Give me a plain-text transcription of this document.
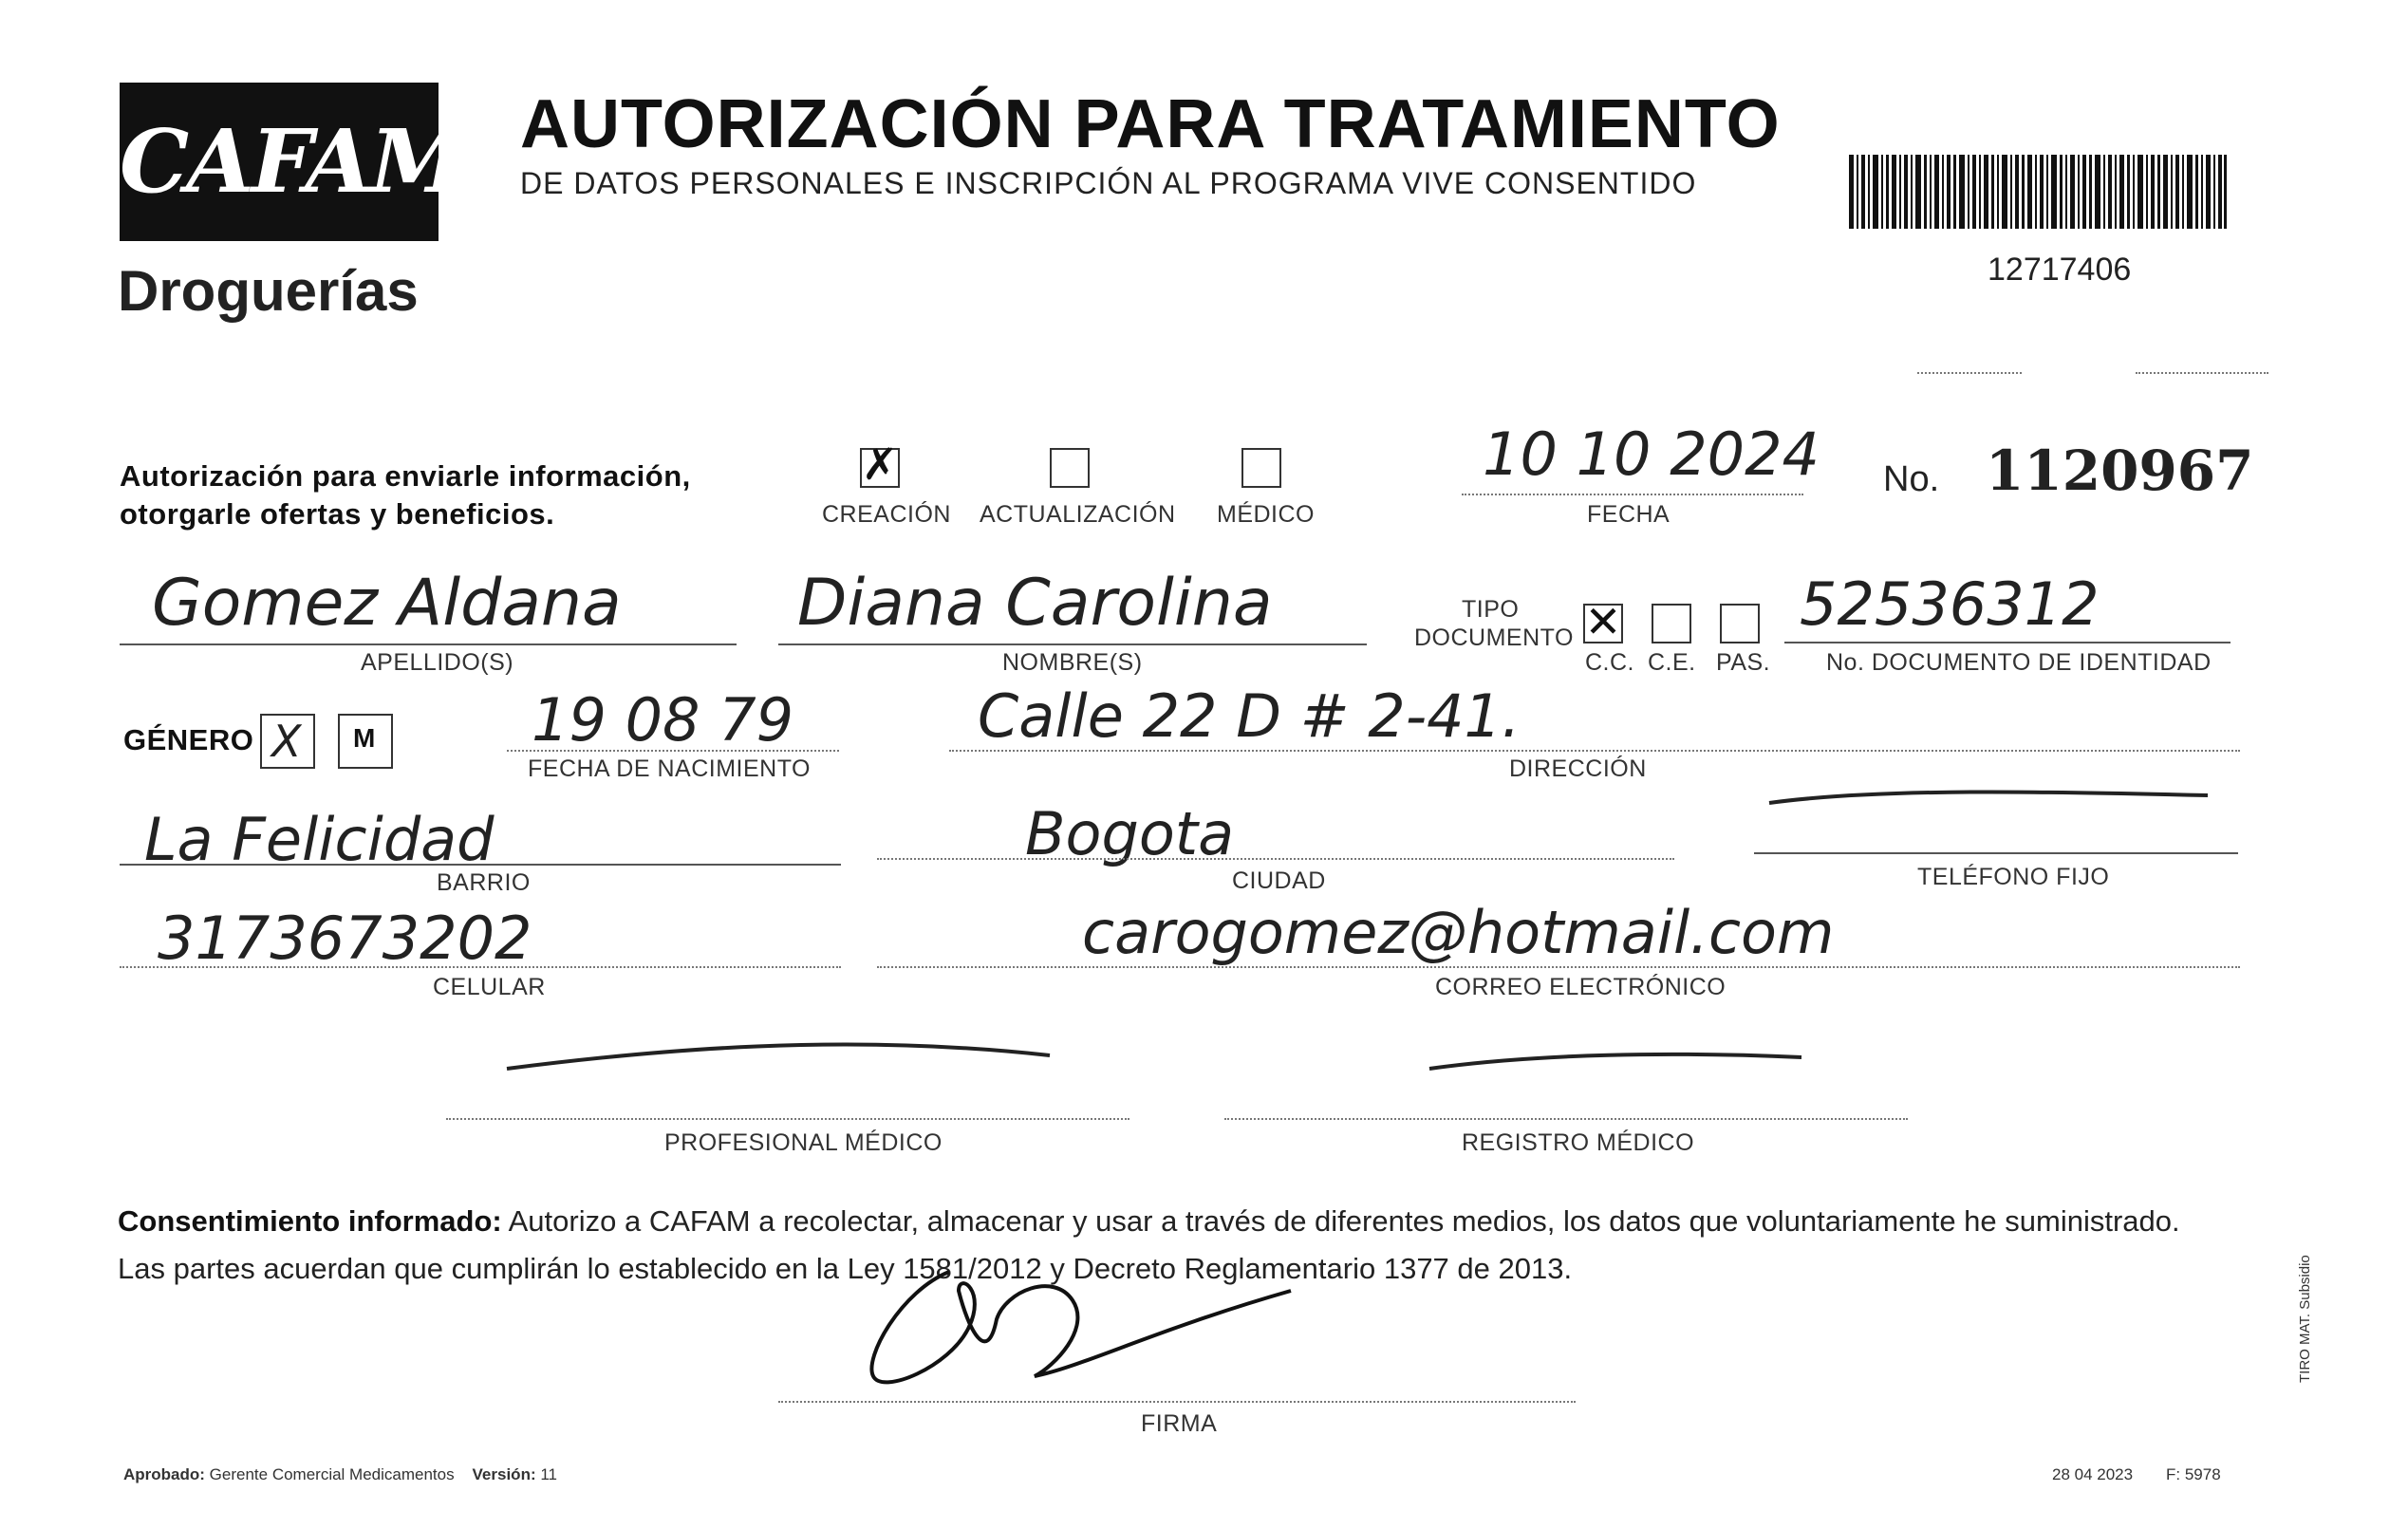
CAFAM
Droguerías
AUTORIZACIÓN PARA TRATAMIENTO
DE DATOS PERSONALES E INSCRIPCIÓN AL PROGRAMA VIVE CONSENTIDO
12717406
Autorización para enviarle información,
otorgarle ofertas y beneficios.
✗
CREACIÓN ACTUALIZACIÓN MÉDICO
10 10 2024
FECHA
No. 1120967
Gomez Aldana
APELLIDO(S)
Diana Carolina
NOMBRE(S)
TIPO
DOCUMENTO ✕
C.C. C.E. PAS.
52536312
No. DOCUMENTO DE IDENTIDAD
GÉNERO X M	19 08 79
FECHA DE NACIMIENTO
Calle 22 D # 2-41.
DIRECCIÓN
La Felicidad
BARRIO
Bogota
CIUDAD	TELÉFONO FIJO
3173673202
CELULAR
carogomez@hotmail.com
CORREO ELECTRÓNICO
PROFESIONAL MÉDICO	REGISTRO MÉDICO
Consentimiento informado: Autorizo a CAFAM a recolectar, almacenar y usar a través de diferentes medios, los datos que voluntariamente he suministrado.
Las partes acuerdan que cumplirán lo establecido en la Ley 1581/2012 y Decreto Reglamentario 1377 de 2013.
FIRMA
Aprobado: Gerente Comercial Medicamentos Versión: 11	28 04 2023 F: 5978
TIRO MAT. Subsidio
